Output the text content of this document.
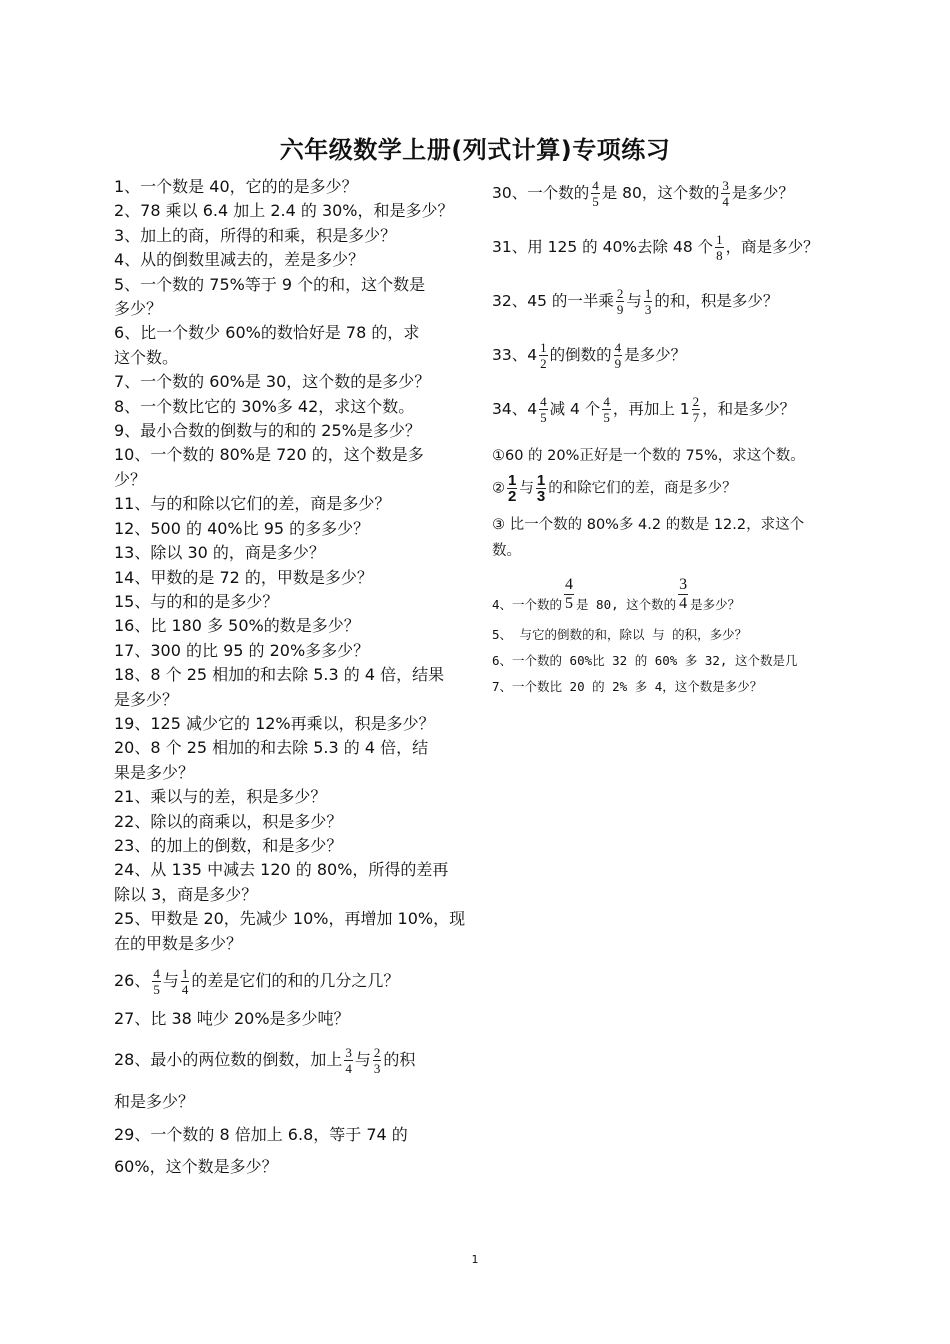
六年级数学上册(列式计算)专项练习
1、一个数是 40，它的的是多少？
2、78 乘以 6.4 加上 2.4 的 30%，和是多少？
3、加上的商，所得的和乘，积是多少？
4、从的倒数里减去的，差是多少？
5、一个数的 75%等于 9 个的和，这个数是
多少？
6、比一个数少 60%的数恰好是 78 的，求
这个数。
7、一个数的 60%是 30，这个数的是多少？
8、一个数比它的 30%多 42，求这个数。
9、最小合数的倒数与的和的 25%是多少？
10、一个数的 80%是 720 的，这个数是多
少？
11、与的和除以它们的差，商是多少？
12、500 的 40%比 95 的多多少？
13、除以 30 的，商是多少？
14、甲数的是 72 的，甲数是多少？
15、与的和的是多少？
16、比 180 多 50%的数是多少？
17、300 的比 95 的 20%多多少？
18、8 个 25 相加的和去除 5.3 的 4 倍，结果
是多少？
19、125 减少它的 12%再乘以，积是多少？
20、8 个 25 相加的和去除 5.3 的 4 倍，结
果是多少？
21、乘以与的差，积是多少？
22、除以的商乘以，积是多少？
23、的加上的倒数，和是多少？
24、从 135 中减去 120 的 80%，所得的差再
除以 3，商是多少？
25、甲数是 20，先减少 10%，再增加 10%，现
在的甲数是多少？
26、 $\frac{4}{5}$ 与 $\frac{1}{4}$ 的差是它们的和的几分之几？
27、比 38 吨少 20%是多少吨？
28、最小的两位数的倒数，加上 $\frac{3}{4}$ 与 $\frac{2}{3}$ 的积
和是多少？
29、一个数的 8 倍加上 6.8，等于 74 的
60%，这个数是多少？
30、一个数的 $\frac{4}{5}$ 是 80，这个数的 $\frac{3}{4}$ 是多少？
31、用 125 的 40%去除 48 个 $\frac{1}{8}$ ，商是多少？
32、45 的一半乘 $\frac{2}{9}$ 与 $\frac{1}{3}$ 的和，积是多少？
33、$4 \frac{1}{2}$ 的倒数的 $\frac{4}{9}$ 是多少？
34、$4 \frac{4}{5}$ 减 4 个 $\frac{4}{5}$ ，再加上 $1 \frac{2}{7}$ ，和是多少？
①60 的 20%正好是一个数的 75%，求这个数。
② $\frac{1}{2}$ 与 $\frac{1}{3}$ 的和除它们的差，商是多少？
③ 比一个数的 80%多 4.2 的数是 12.2，求这个
数。
4、一个数的 $\frac{4}{5}$ 是 80, 这个数的 $\frac{3}{4}$ 是多少？
5、 与它的倒数的和，除以 与 的积，多少？
6、一个数的 60%比 32 的 60% 多 32, 这个数是几
7、一个数比 20 的 2% 多 4，这个数是多少？
1
